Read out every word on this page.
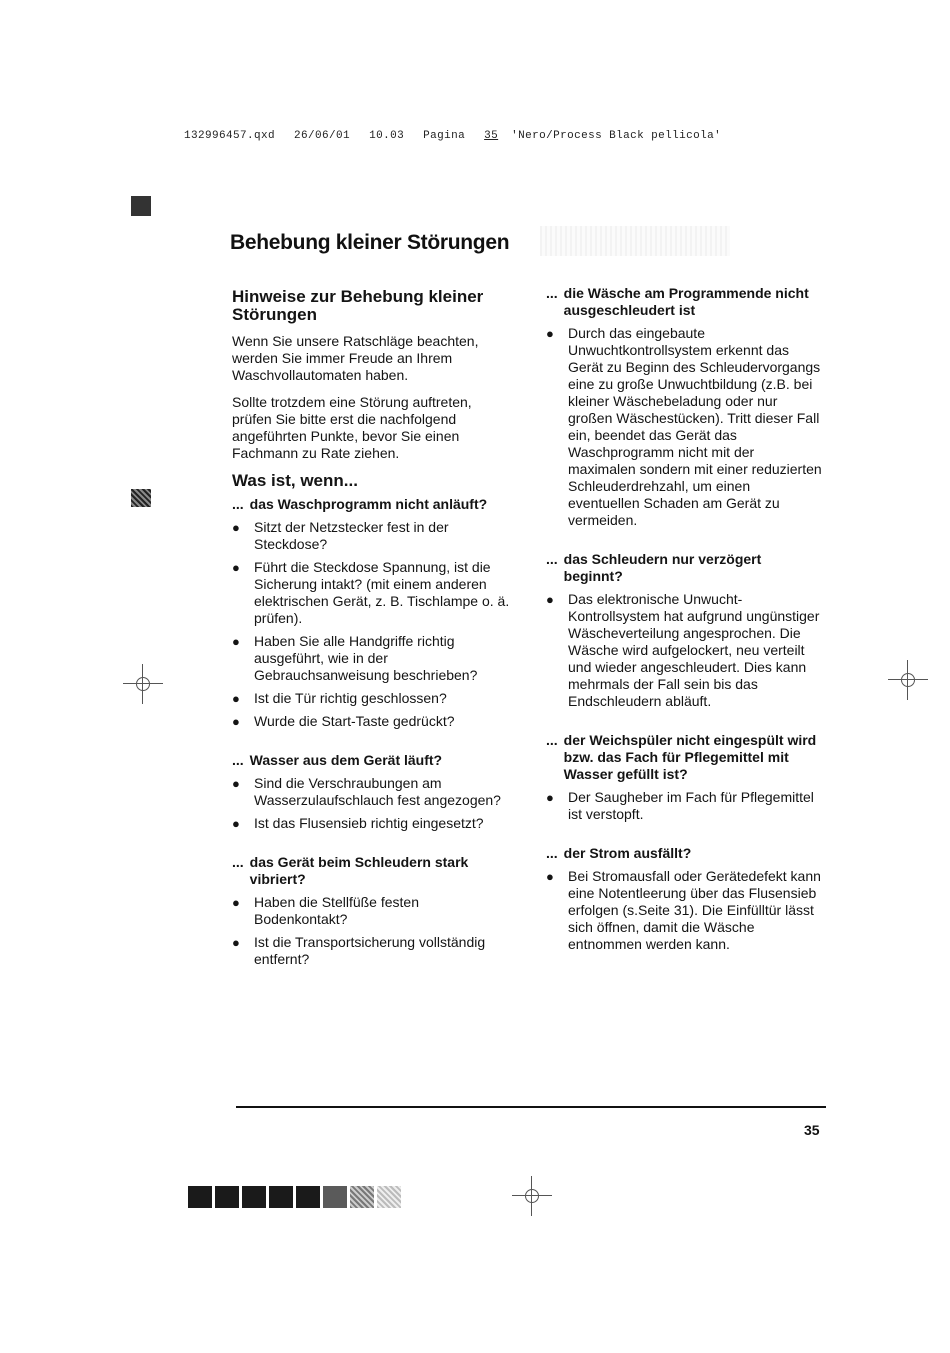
132996457.qxd 26/06/01 10.03 Pagina 35 'Nero/Process Black pellicola'
Behebung kleiner Störungen
Hinweise zur Behebung kleiner Störungen

Wenn Sie unsere Ratschläge beachten, werden Sie immer Freude an Ihrem Waschvollautomaten haben.

Sollte trotzdem eine Störung auftreten, prüfen Sie bitte erst die nachfolgend angeführten Punkte, bevor Sie einen Fachmann zu Rate ziehen.

Was ist, wenn...
... das Waschprogramm nicht anläuft?
●	Sitzt der Netzstecker fest in der Steckdose?
●	Führt die Steckdose Spannung, ist die Sicherung intakt? (mit einem anderen elektrischen Gerät, z. B. Tischlampe o. ä. prüfen).
●	Haben Sie alle Handgriffe richtig ausgeführt, wie in der Gebrauchsanweisung beschrieben?
●	Ist die Tür richtig geschlossen?
●	Wurde die Start-Taste gedrückt?
... Wasser aus dem Gerät läuft?
●	Sind die Verschraubungen am Wasserzulaufschlauch fest angezogen?
●	Ist das Flusensieb richtig eingesetzt?
... das Gerät beim Schleudern stark vibriert?
●	Haben die Stellfüße festen Bodenkontakt?
●	Ist die Transportsicherung vollständig entfernt?
... die Wäsche am Programmende nicht ausgeschleudert ist
●	Durch das eingebaute Unwuchtkontrollsystem erkennt das Gerät zu Beginn des Schleudervorgangs eine zu große Unwuchtbildung (z.B. bei kleiner Wäschebeladung oder nur großen Wäschestücken). Tritt dieser Fall ein, beendet das Gerät das Waschprogramm nicht mit der maximalen sondern mit einer reduzierten Schleuderdrehzahl, um einen eventuellen Schaden am Gerät zu vermeiden.
... das Schleudern nur verzögert beginnt?
●	Das elektronische Unwucht-Kontrollsystem hat aufgrund ungünstiger Wäscheverteilung angesprochen. Die Wäsche wird aufgelockert, neu verteilt und wieder angeschleudert. Dies kann mehrmals der Fall sein bis das Endschleudern abläuft.
... der Weichspüler nicht eingespült wird bzw. das Fach für Pflegemittel mit Wasser gefüllt ist?
●	Der Saugheber im Fach für Pflegemittel ist verstopft.
... der Strom ausfällt?
●	Bei Stromausfall oder Gerätedefekt kann eine Notentleerung über das Flusensieb erfolgen (s.Seite 31). Die Einfülltür lässt sich öffnen, damit die Wäsche entnommen werden kann.
35
